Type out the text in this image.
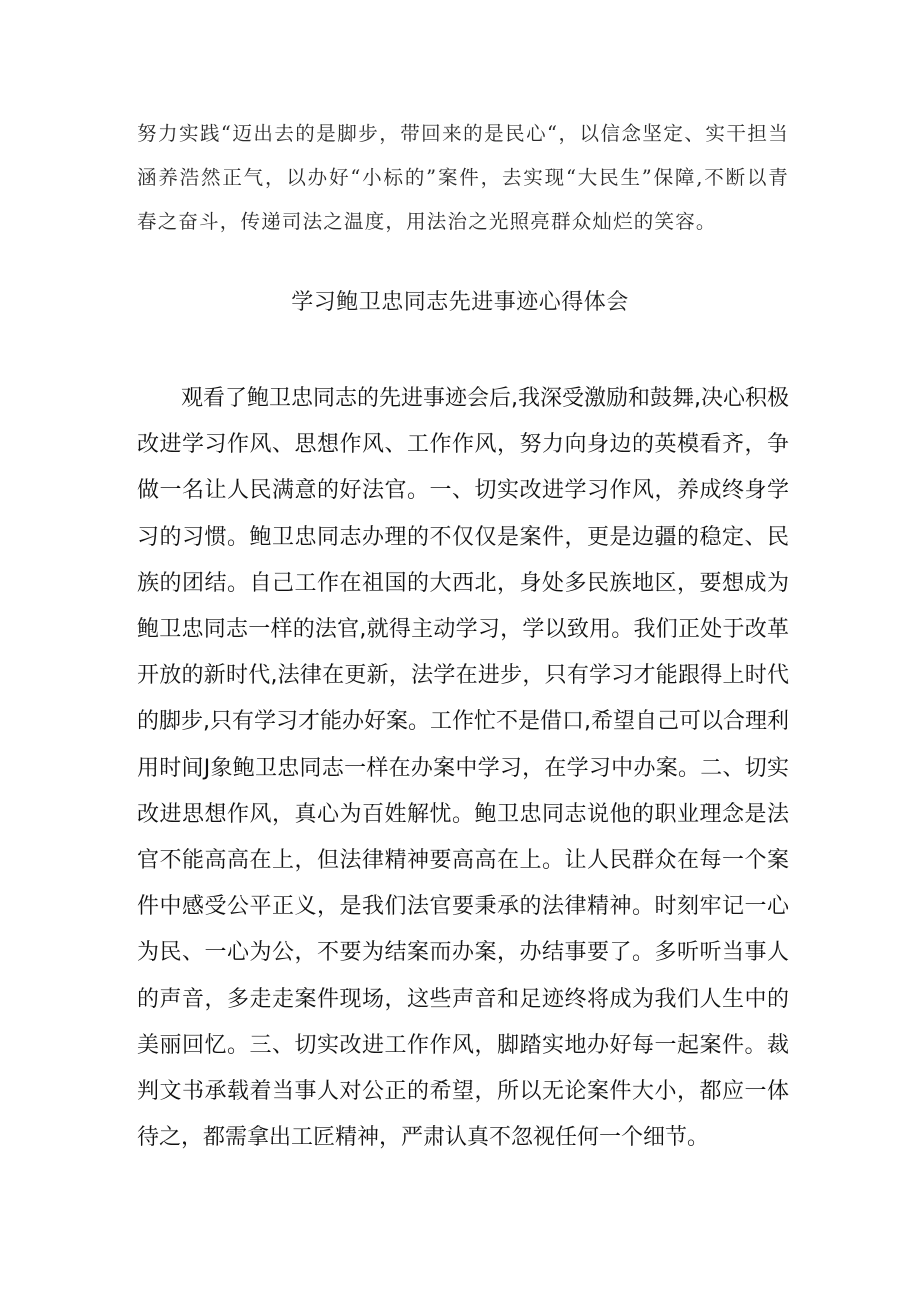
努力实践“迈出去的是脚步，带回来的是民心“，以信念坚定、实干担当涵养浩然正气，以办好“小标的”案件，去实现“大民生”保障,不断以青春之奋斗，传递司法之温度，用法治之光照亮群众灿烂的笑容。

学习鲍卫忠同志先进事迹心得体会

观看了鲍卫忠同志的先进事迹会后,我深受激励和鼓舞,决心积极改进学习作风、思想作风、工作作风，努力向身边的英模看齐，争做一名让人民满意的好法官。一、切实改进学习作风，养成终身学习的习惯。鲍卫忠同志办理的不仅仅是案件，更是边疆的稳定、民族的团结。自己工作在祖国的大西北，身处多民族地区，要想成为鲍卫忠同志一样的法官,就得主动学习，学以致用。我们正处于改革开放的新时代,法律在更新，法学在进步，只有学习才能跟得上时代的脚步,只有学习才能办好案。工作忙不是借口,希望自己可以合理利用时间J象鲍卫忠同志一样在办案中学习，在学习中办案。二、切实改进思想作风，真心为百姓解忧。鲍卫忠同志说他的职业理念是法官不能高高在上，但法律精神要高高在上。让人民群众在每一个案件中感受公平正义，是我们法官要秉承的法律精神。时刻牢记一心为民、一心为公，不要为结案而办案，办结事要了。多听听当事人的声音，多走走案件现场，这些声音和足迹终将成为我们人生中的美丽回忆。三、切实改进工作作风，脚踏实地办好每一起案件。裁判文书承载着当事人对公正的希望，所以无论案件大小，都应一体待之，都需拿出工匠精神，严肃认真不忽视任何一个细节。
